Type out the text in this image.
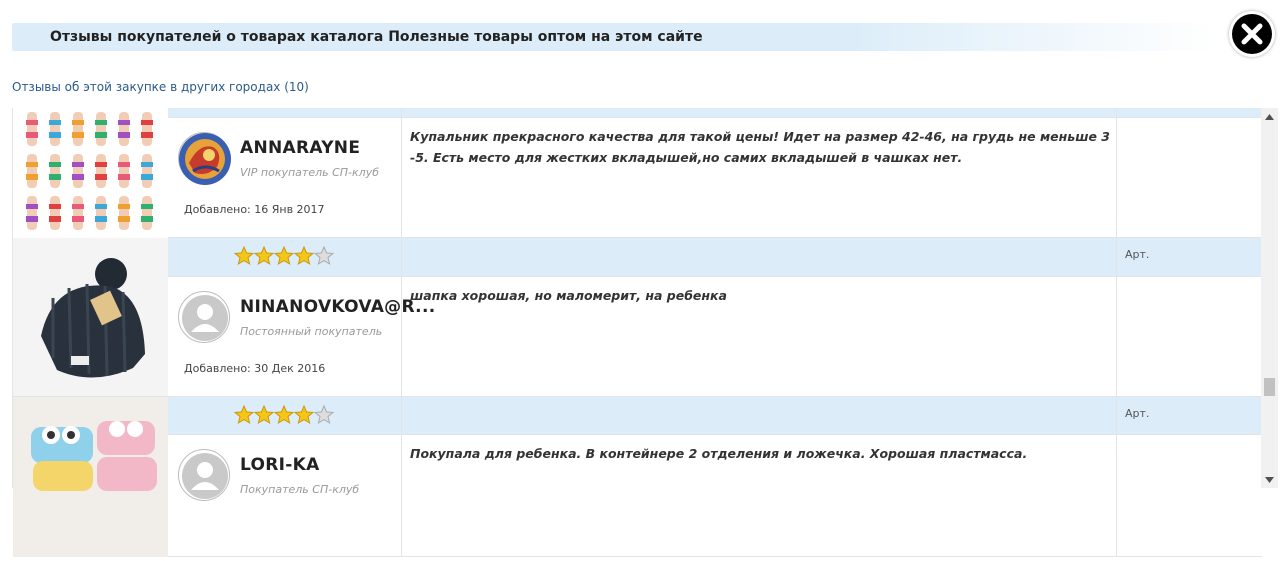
Отзывы покупателей о товарах каталога Полезные товары оптом на этом сайте
Отзывы об этой закупке в других городах (10)
ANNARAYNE
VIP покупатель СП-клуб
Добавлено: 16 Янв 2017
Купальник прекрасного качества для такой цены! Идет на размер 42-46, на грудь не меньше 3-5. Есть место для жестких вкладышей,но самих вкладышей в чашках нет.
Арт.
NINANOVKOVA@R...
Постоянный покупатель
Добавлено: 30 Дек 2016
шапка хорошая, но маломерит, на ребенка
Арт.
LORI-KA
Покупатель СП-клуб
Покупала для ребенка. В контейнере 2 отделения и ложечка. Хорошая пластмасса.
